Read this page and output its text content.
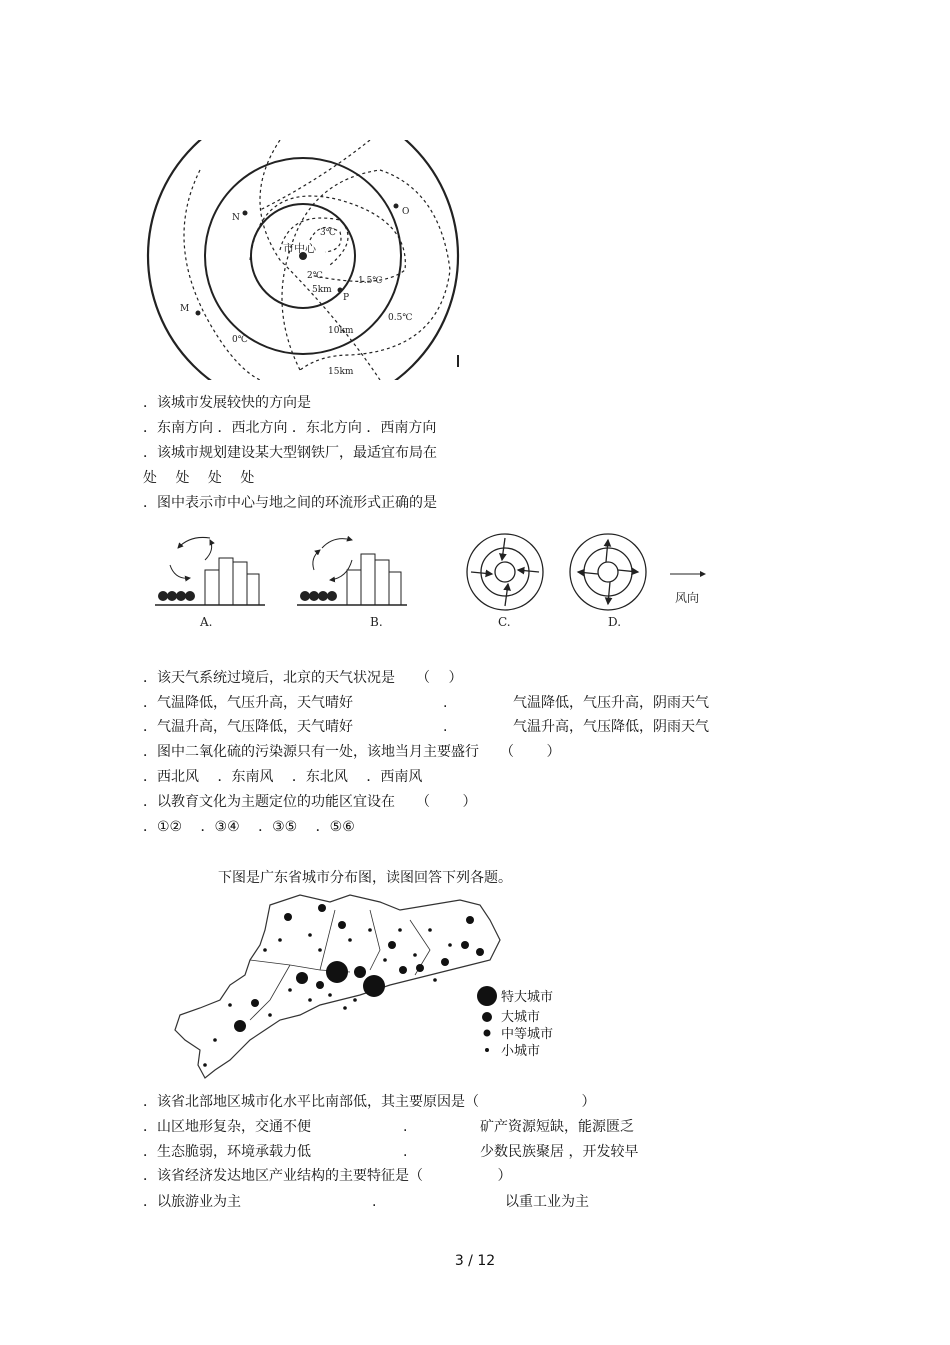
市中心
N
O
M
P
3℃
2℃	1.5℃
0.5℃
0℃
5km
10km
15km
．该城市发展较快的方向是
．东南方向 ．西北方向 ．东北方向 ．西南方向
．该城市规划建设某大型钢铁厂，最适宜布局在
处　 处　 处　 处
．图中表示市中心与地之间的环流形式正确的是
A.	B.	C.	D.
风向
．该天气系统过境后，北京的天气状况是　　（　 ）
．气温降低，气压升高，天气晴好	.	气温降低，气压升高，阴雨天气
．气温升高，气压降低，天气晴好	.	气温升高，气压降低，阴雨天气
．图中二氧化硫的污染源只有一处，该地当月主要盛行　　（　　 ）
．西北风　 ．东南风　 ．东北风　 ．西南风
．以教育文化为主题定位的功能区宜设在　　（　　 ）
．①②　 ．③④　 ．③⑤　 ．⑤⑥
下图是广东省城市分布图，读图回答下列各题。
特大城市
大城市
中等城市
小城市
．该省北部地区城市化水平比南部低，其主要原因是（　　　　　　　 ）
．山区地形复杂，交通不便	.	矿产资源短缺，能源匮乏
．生态脆弱，环境承载力低	.	少数民族聚居 ，开发较早
．该省经济发达地区产业结构的主要特征是（　　　　　 ）
．以旅游业为主	.	以重工业为主
3 / 12
